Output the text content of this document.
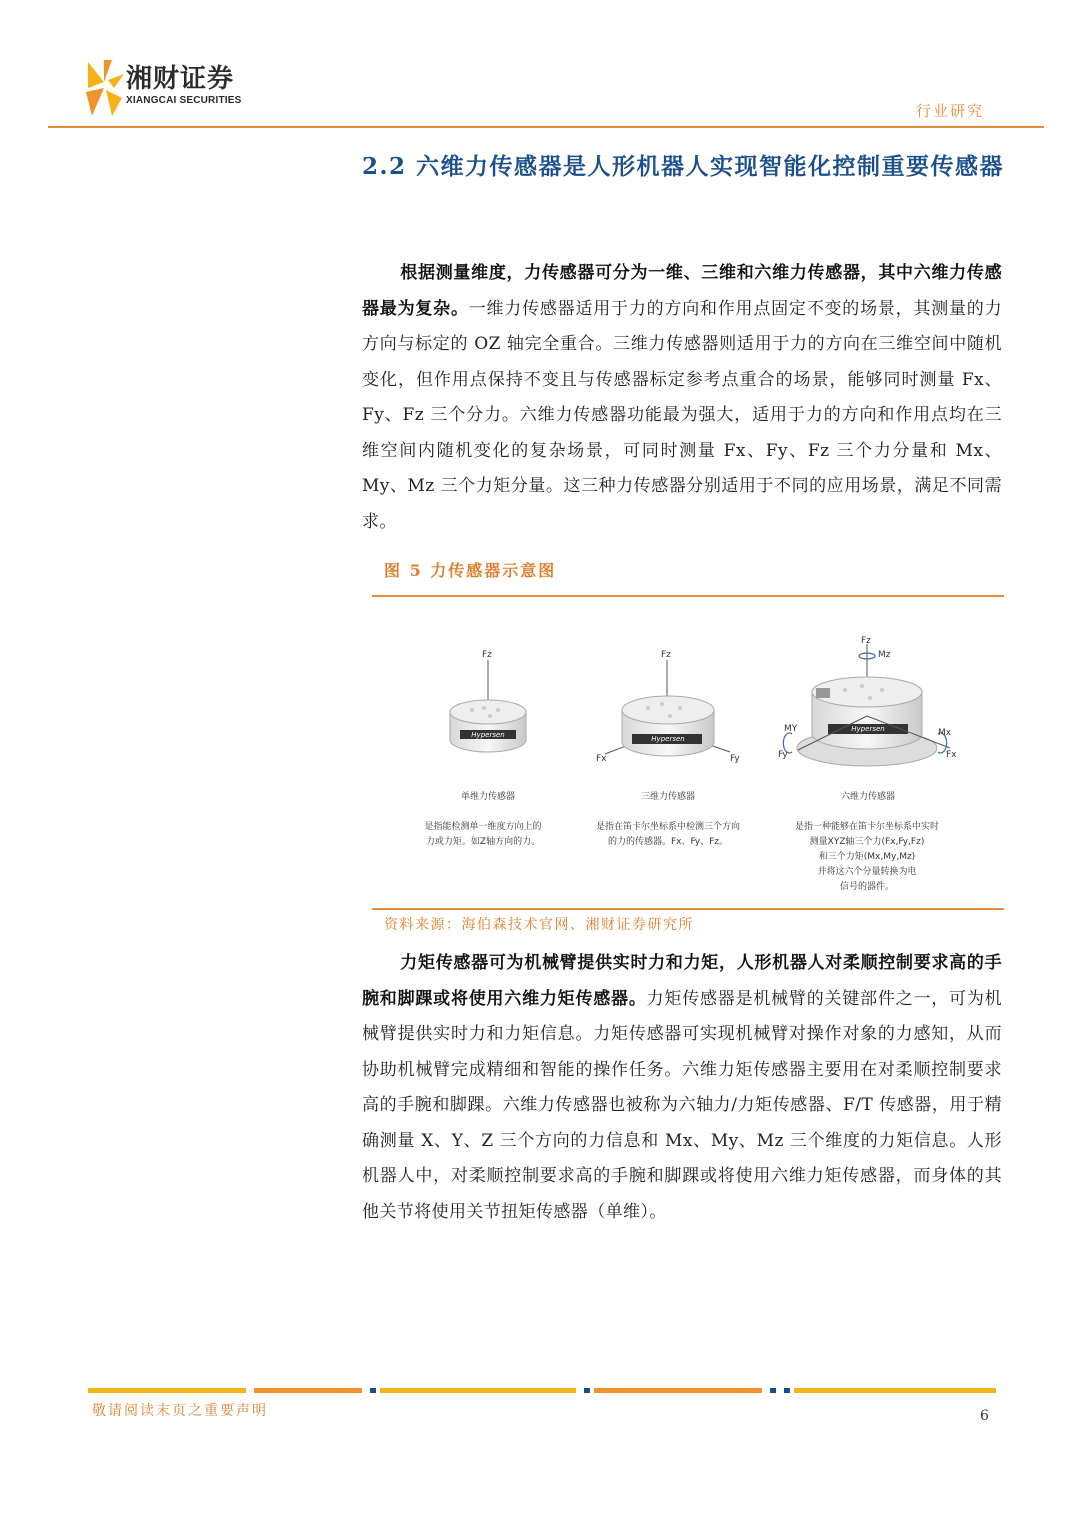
湘财证券
XIANGCAI SECURITIES
行业研究
2.2 六维力传感器是人形机器人实现智能化控制重要传感器
根据测量维度，力传感器可分为一维、三维和六维力传感器，其中六维力传感器最为复杂。一维力传感器适用于力的方向和作用点固定不变的场景，其测量的力方向与标定的 OZ 轴完全重合。三维力传感器则适用于力的方向在三维空间中随机变化，但作用点保持不变且与传感器标定参考点重合的场景，能够同时测量 Fx、Fy、Fz 三个分力。六维力传感器功能最为强大，适用于力的方向和作用点均在三维空间内随机变化的复杂场景，可同时测量 Fx、Fy、Fz 三个力分量和 Mx、My、Mz 三个力矩分量。这三种力传感器分别适用于不同的应用场景，满足不同需求。
图 5 力传感器示意图
Fz	Fz
Fx	Fy
Fz
Mz
MY
Fy
Mx
Fx
Hypersen	Hypersen
Hypersen
单维力传感器	三维力传感器	六维力传感器
是指能检测单一维度方向上的
力或力矩。如Z轴方向的力。
是指在笛卡尔坐标系中检测三个方向
的力的传感器。Fx、Fy、Fz。
是指一种能够在笛卡尔坐标系中实时
测量XYZ轴三个力(Fx,Fy,Fz)
和三个力矩(Mx,My,Mz)
并将这六个分量转换为电
信号的器件。
资料来源：海伯森技术官网、湘财证券研究所
力矩传感器可为机械臂提供实时力和力矩，人形机器人对柔顺控制要求高的手腕和脚踝或将使用六维力矩传感器。力矩传感器是机械臂的关键部件之一，可为机械臂提供实时力和力矩信息。力矩传感器可实现机械臂对操作对象的力感知，从而协助机械臂完成精细和智能的操作任务。六维力矩传感器主要用在对柔顺控制要求高的手腕和脚踝。六维力传感器也被称为六轴力/力矩传感器、F/T 传感器，用于精确测量 X、Y、Z 三个方向的力信息和 Mx、My、Mz 三个维度的力矩信息。人形机器人中，对柔顺控制要求高的手腕和脚踝或将使用六维力矩传感器，而身体的其他关节将使用关节扭矩传感器（单维）。
敬请阅读末页之重要声明	6
